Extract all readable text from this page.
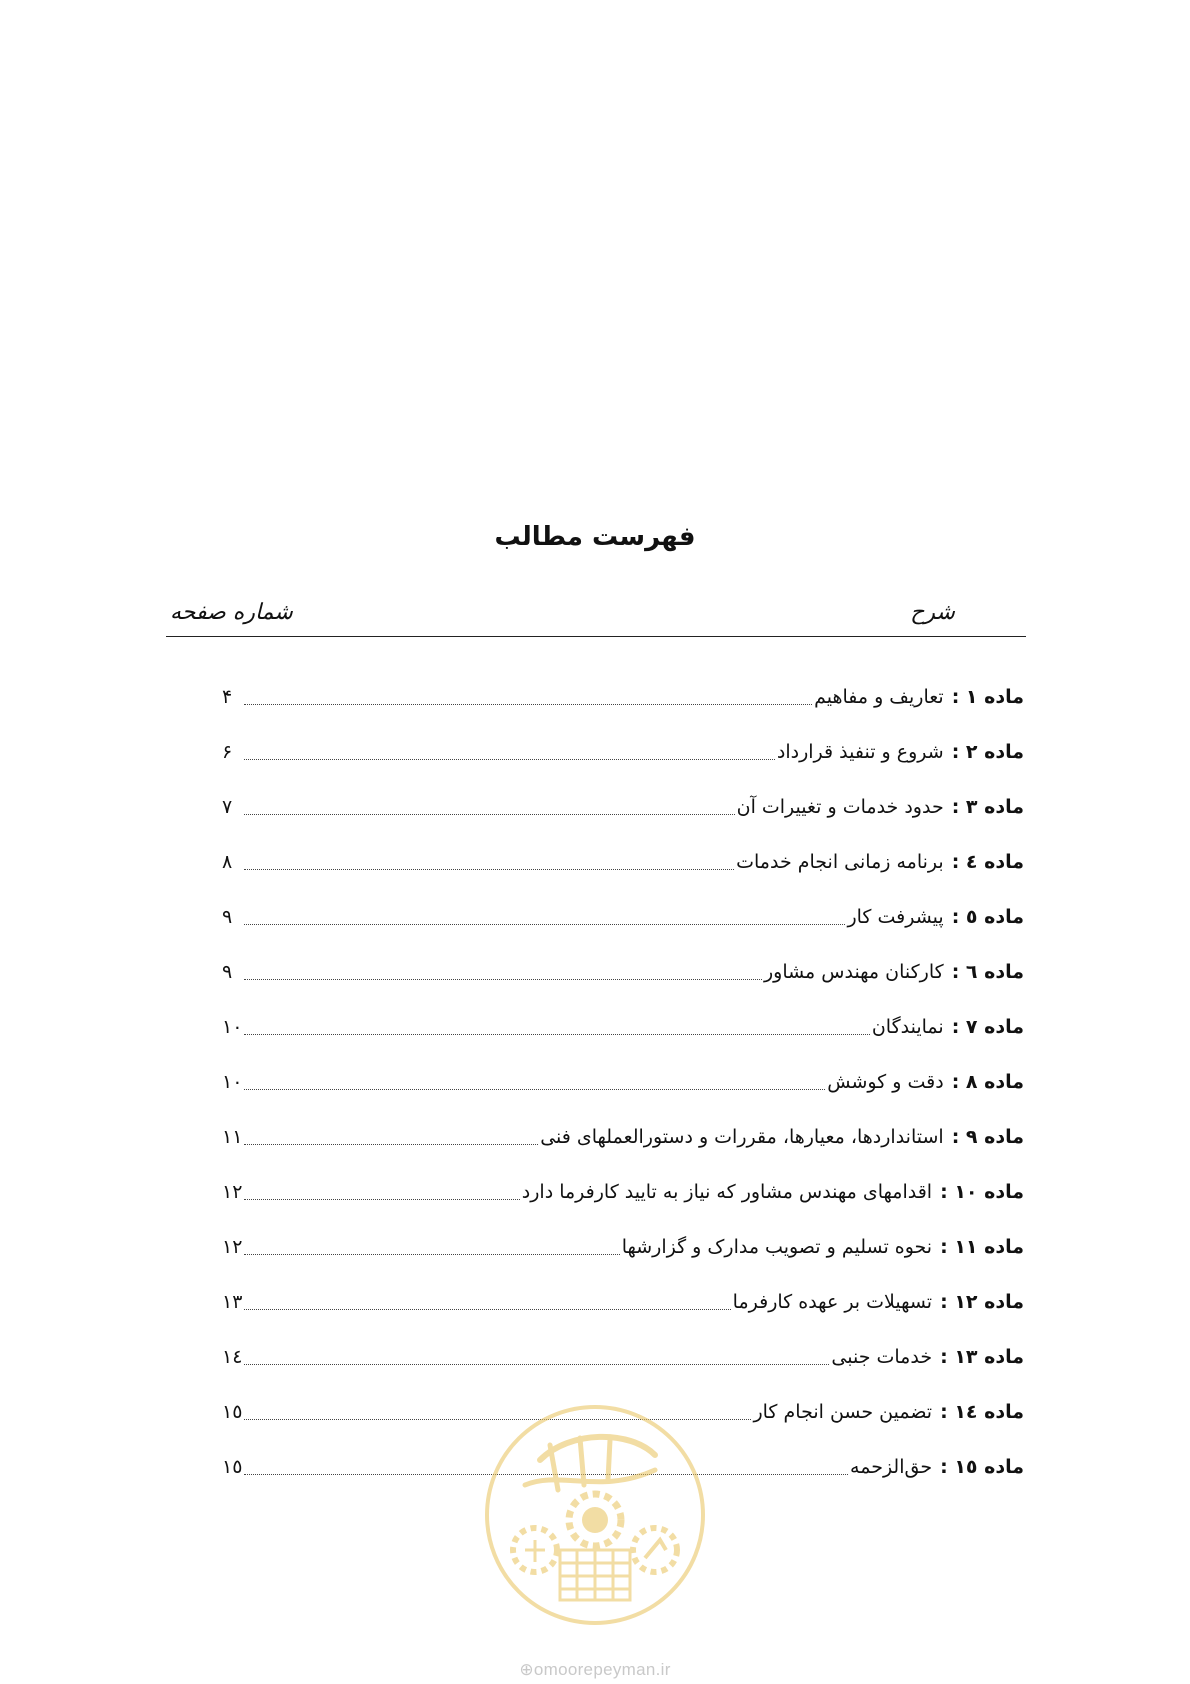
فهرست مطالب
شرح
شماره صفحه
ماده ۱ :
تعاریف و مفاهیم
۴
ماده ۲ :
شروع و تنفیذ قرارداد
۶
ماده ۳ :
حدود خدمات و تغییرات آن
۷
ماده ٤ :
برنامه زمانی انجام خدمات
۸
ماده ٥ :
پیشرفت کار
۹
ماده ٦ :
کارکنان مهندس مشاور
۹
ماده ۷ :
نمایندگان
۱۰
ماده ۸ :
دقت و کوشش
۱۰
ماده ۹ :
استانداردها، معیارها، مقررات و دستورالعملهای فنی
۱۱
ماده ۱۰ :
اقدامهای مهندس مشاور که نیاز به تایید کارفرما دارد
۱۲
ماده ۱۱ :
نحوه تسلیم و تصویب مدارک و گزارشها
۱۲
ماده ۱۲ :
تسهیلات بر عهده کارفرما
۱۳
ماده ۱۳ :
خدمات جنبی
۱٤
ماده ١٤ :
تضمین حسن انجام کار
۱٥
ماده ۱٥ :
حق‌الزحمه
۱٥
⊕omoorepeyman.ir
